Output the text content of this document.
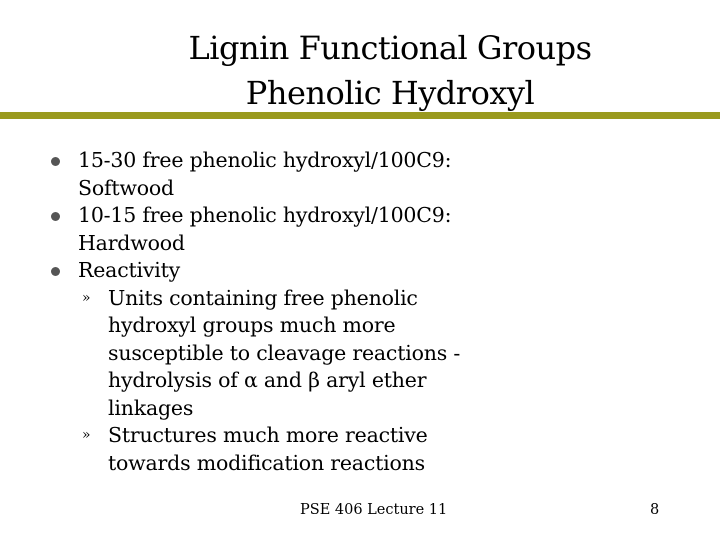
Lignin Functional Groups
Phenolic Hydroxyl
15-30 free phenolic hydroxyl/100C9:
Softwood
10-15 free phenolic hydroxyl/100C9:
Hardwood
Reactivity
» Units containing free phenolic
hydroxyl groups much more
susceptible to cleavage reactions -
hydrolysis of α and β aryl ether
linkages
» Structures much more reactive
towards modification reactions
PSE 406 Lecture 11	8
